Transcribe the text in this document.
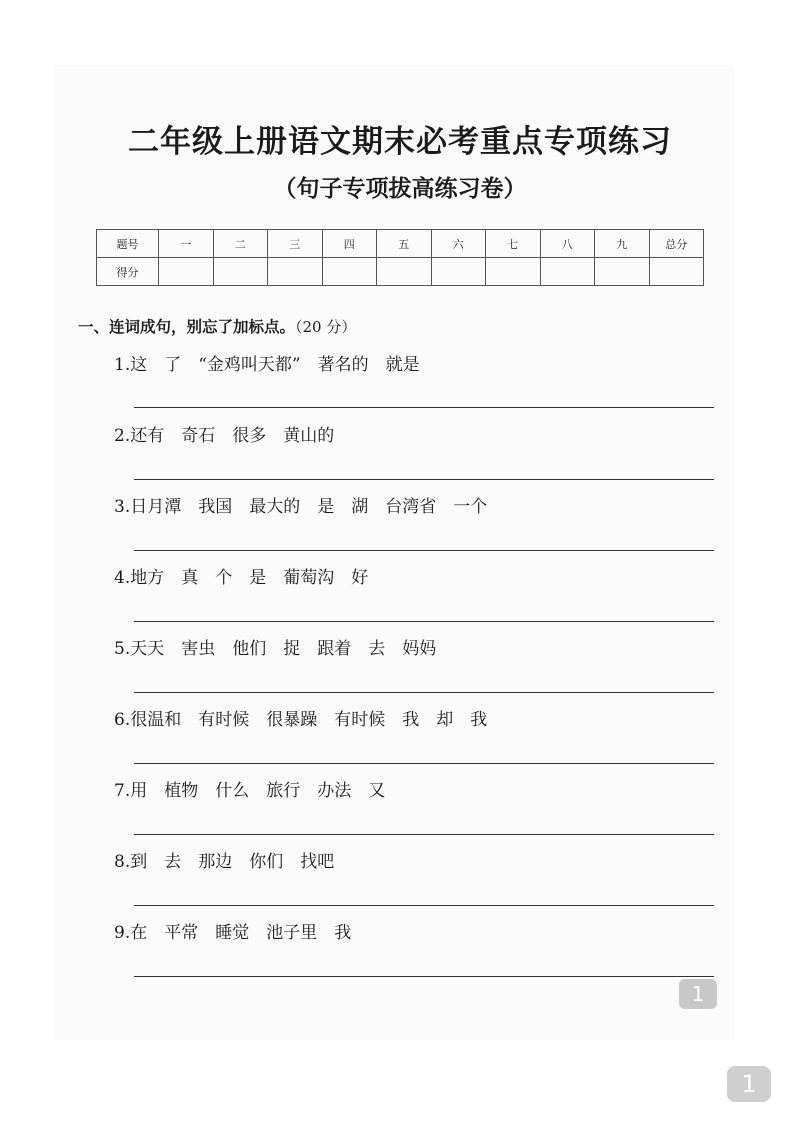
二年级上册语文期末必考重点专项练习
（句子专项拔高练习卷）
题号	一	二	三	四	五	六	七	八	九	总分
得分										
一、连词成句，别忘了加标点。（20 分）
1.这　了　“金鸡叫天都”　著名的　就是
2.还有　奇石　很多　黄山的
3.日月潭　我国　最大的　是　湖　台湾省　一个
4.地方　真　个　是　葡萄沟　好
5.天天　害虫　他们　捉　跟着　去　妈妈
6.很温和　有时候　很暴躁　有时候　我　却　我
7.用　植物　什么　旅行　办法　又
8.到　去　那边　你们　找吧
9.在　平常　睡觉　池子里　我
1
1
